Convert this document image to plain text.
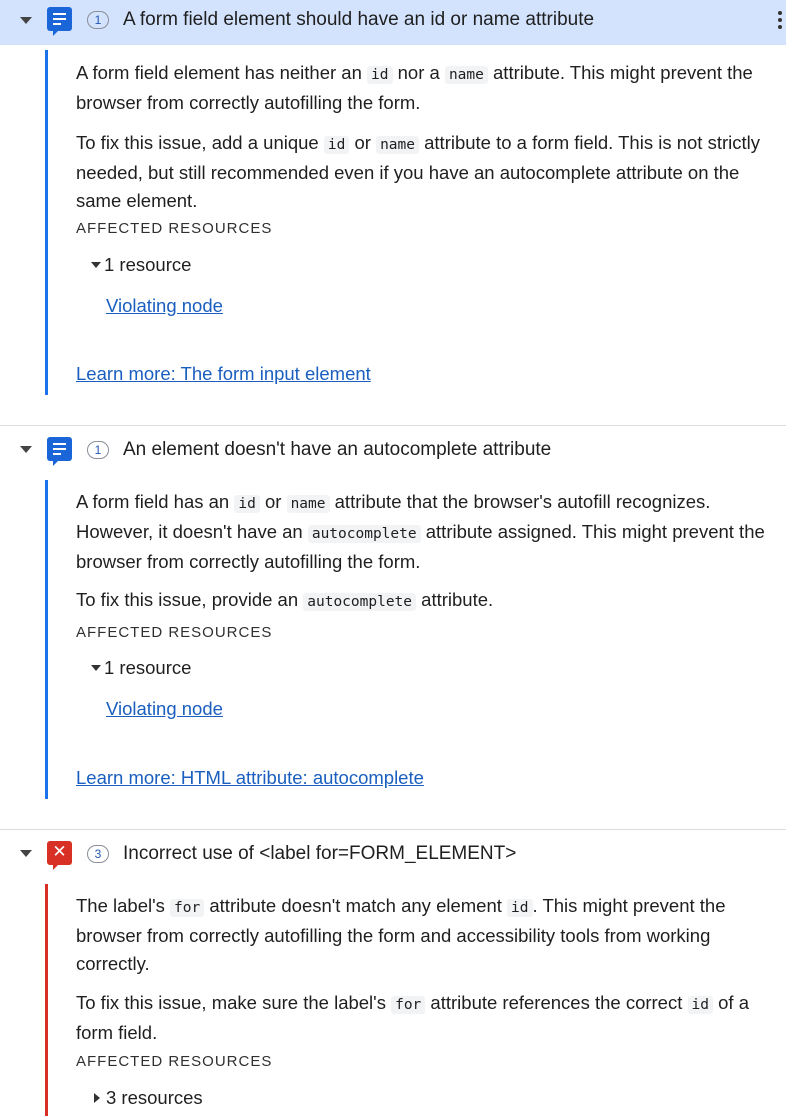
1	A form field element should have an id or name attribute

A form field element has neither an id nor a name attribute. This might prevent the browser from correctly autofilling the form.

To fix this issue, add a unique id or name attribute to a form field. This is not strictly needed, but still recommended even if you have an autocomplete attribute on the same element.

AFFECTED RESOURCES
1 resource
Violating node
Learn more: The form input element
1	An element doesn't have an autocomplete attribute

A form field has an id or name attribute that the browser's autofill recognizes. However, it doesn't have an autocomplete attribute assigned. This might prevent the browser from correctly autofilling the form.

To fix this issue, provide an autocomplete attribute.

AFFECTED RESOURCES
1 resource
Violating node
Learn more: HTML attribute: autocomplete
✕	3	Incorrect use of <label for=FORM_ELEMENT>

The label's for attribute doesn't match any element id . This might prevent the browser from correctly autofilling the form and accessibility tools from working correctly.

To fix this issue, make sure the label's for attribute references the correct id of a form field.

AFFECTED RESOURCES
3 resources
